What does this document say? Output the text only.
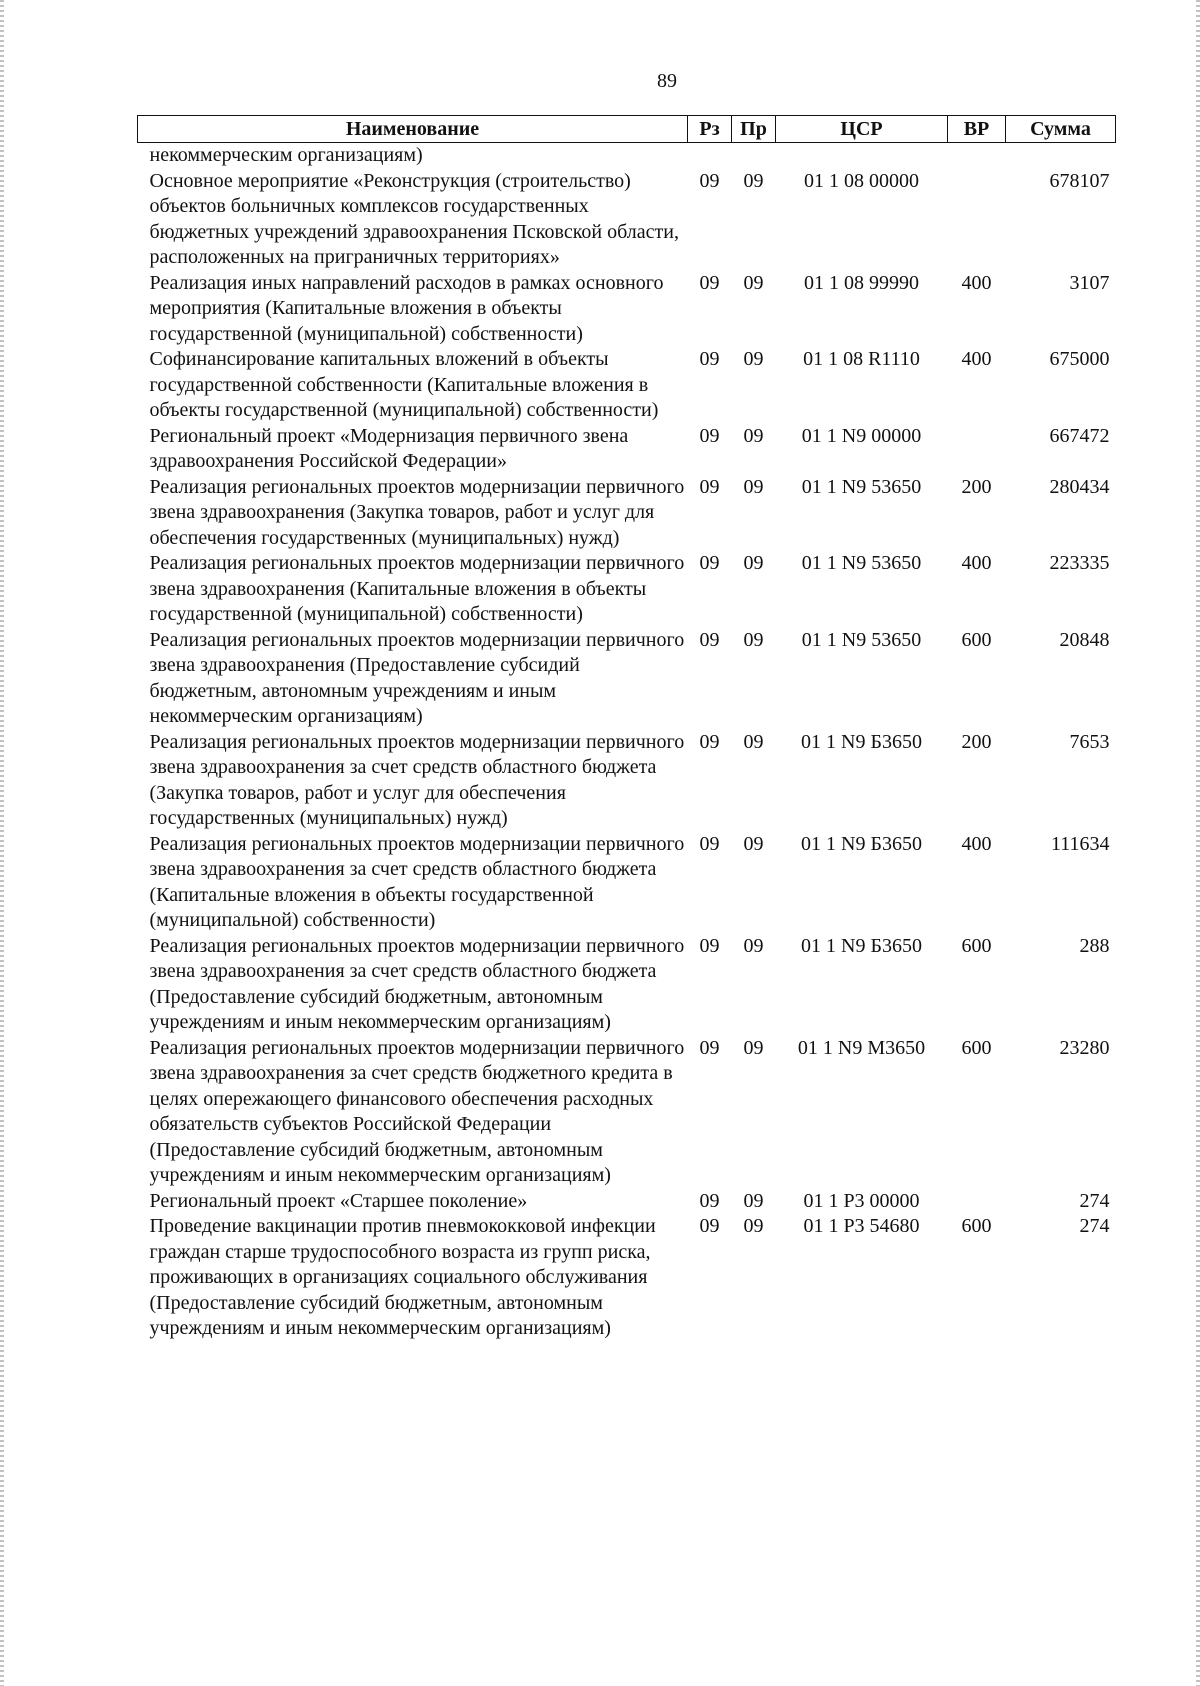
89
Наименование	Рз	Пр	ЦСР	ВР	Сумма
некоммерческим организациям)					
Основное мероприятие «Реконструкция (строительство) объектов больничных комплексов государственных бюджетных учреждений здравоохранения Псковской области, расположенных на приграничных территориях»	09	09	01 1 08 00000		678107
Реализация иных направлений расходов в рамках основного мероприятия (Капитальные вложения в объекты государственной (муниципальной) собственности)	09	09	01 1 08 99990	400	3107
Софинансирование капитальных вложений в объекты государственной собственности (Капитальные вложения в объекты государственной (муниципальной) собственности)	09	09	01 1 08 R1110	400	675000
Региональный проект «Модернизация первичного звена здравоохранения Российской Федерации»	09	09	01 1 N9 00000		667472
Реализация региональных проектов модернизации первичного звена здравоохранения (Закупка товаров, работ и услуг для обеспечения государственных (муниципальных) нужд)	09	09	01 1 N9 53650	200	280434
Реализация региональных проектов модернизации первичного звена здравоохранения (Капитальные вложения в объекты государственной (муниципальной) собственности)	09	09	01 1 N9 53650	400	223335
Реализация региональных проектов модернизации первичного звена здравоохранения (Предоставление субсидий бюджетным, автономным учреждениям и иным некоммерческим организациям)	09	09	01 1 N9 53650	600	20848
Реализация региональных проектов модернизации первичного звена здравоохранения за счет средств областного бюджета (Закупка товаров, работ и услуг для обеспечения государственных (муниципальных) нужд)	09	09	01 1 N9 Б3650	200	7653
Реализация региональных проектов модернизации первичного звена здравоохранения за счет средств областного бюджета (Капитальные вложения в объекты государственной (муниципальной) собственности)	09	09	01 1 N9 Б3650	400	111634
Реализация региональных проектов модернизации первичного звена здравоохранения за счет средств областного бюджета (Предоставление субсидий бюджетным, автономным учреждениям и иным некоммерческим организациям)	09	09	01 1 N9 Б3650	600	288
Реализация региональных проектов модернизации первичного звена здравоохранения за счет средств бюджетного кредита в целях опережающего финансового обеспечения расходных обязательств субъектов Российской Федерации (Предоставление субсидий бюджетным, автономным учреждениям и иным некоммерческим организациям)	09	09	01 1 N9 M3650	600	23280
Региональный проект «Старшее поколение»	09	09	01 1 P3 00000		274
Проведение вакцинации против пневмококковой инфекции граждан старше трудоспособного возраста из групп риска, проживающих в организациях социального обслуживания (Предоставление субсидий бюджетным, автономным учреждениям и иным некоммерческим организациям)	09	09	01 1 P3 54680	600	274
